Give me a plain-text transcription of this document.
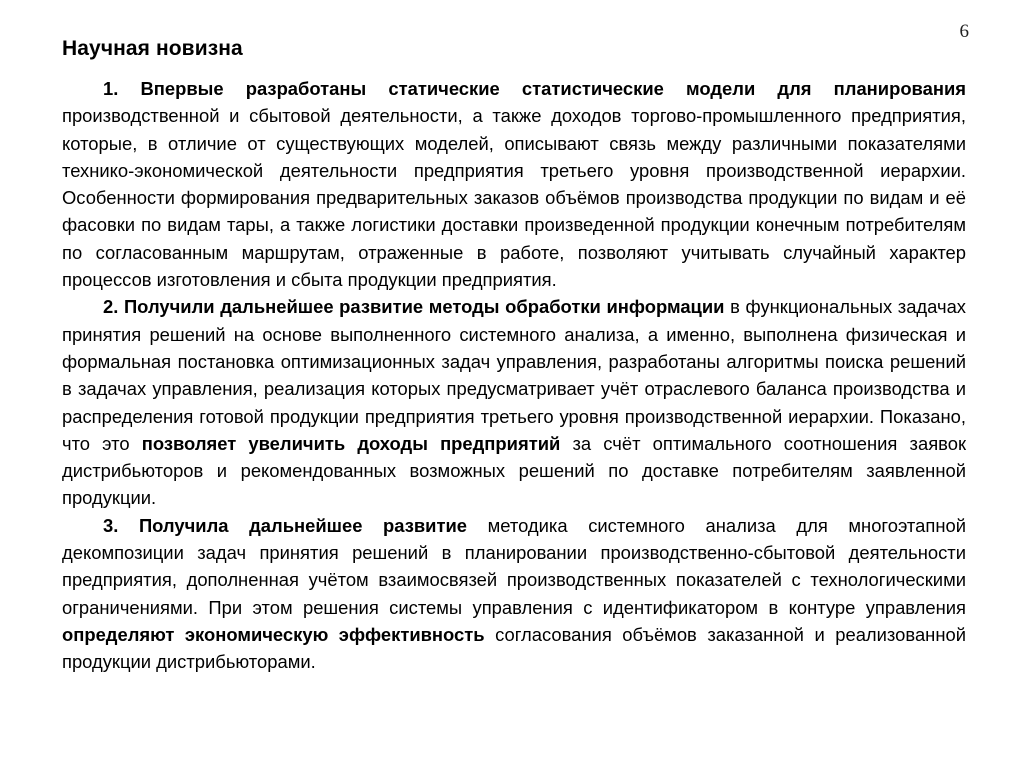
6
Научная новизна

1. Впервые разработаны статические статистические модели для планирования производственной и сбытовой деятельности, а также доходов торгово-промышленного предприятия, которые, в отличие от существующих моделей, описывают связь между различными показателями технико-экономической деятельности предприятия третьего уровня производственной иерархии. Особенности формирования предварительных заказов объёмов производства продукции по видам и её фасовки по видам тары, а также логистики доставки произведенной продукции конечным потребителям по согласованным маршрутам, отраженные в работе, позволяют учитывать случайный характер процессов изготовления и сбыта продукции предприятия.

2. Получили дальнейшее развитие методы обработки информации в функциональных задачах принятия решений на основе выполненного системного анализа, а именно, выполнена физическая и формальная постановка оптимизационных задач управления, разработаны алгоритмы поиска решений в задачах управления, реализация которых предусматривает учёт отраслевого баланса производства и распределения готовой продукции предприятия третьего уровня производственной иерархии. Показано, что это позволяет увеличить доходы предприятий за счёт оптимального соотношения заявок дистрибьюторов и рекомендованных возможных решений по доставке потребителям заявленной продукции.

3. Получила дальнейшее развитие методика системного анализа для многоэтапной декомпозиции задач принятия решений в планировании производственно-сбытовой деятельности предприятия, дополненная учётом взаимосвязей производственных показателей с технологическими ограничениями. При этом решения системы управления с идентификатором в контуре управления определяют экономическую эффективность согласования объёмов заказанной и реализованной продукции дистрибьюторами.
